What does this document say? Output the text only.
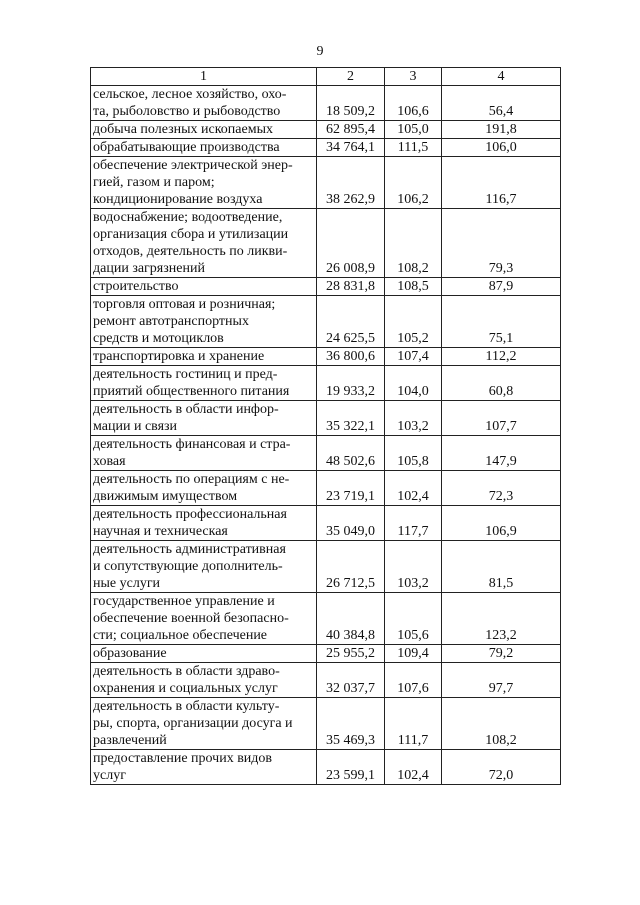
9
1	2	3	4
сельское, лесное хозяйство, охо-
та, рыболовство и рыбоводство	18 509,2	106,6	56,4
добыча полезных ископаемых	62 895,4	105,0	191,8
обрабатывающие производства	34 764,1	111,5	106,0
обеспечение электрической энер-
гией, газом и паром;
кондиционирование воздуха	38 262,9	106,2	116,7
водоснабжение; водоотведение,
организация сбора и утилизации
отходов, деятельность по ликви-
дации загрязнений	26 008,9	108,2	79,3
строительство	28 831,8	108,5	87,9
торговля оптовая и розничная;
ремонт автотранспортных
средств и мотоциклов	24 625,5	105,2	75,1
транспортировка и хранение	36 800,6	107,4	112,2
деятельность гостиниц и пред-
приятий общественного питания	19 933,2	104,0	60,8
деятельность в области инфор-
мации и связи	35 322,1	103,2	107,7
деятельность финансовая и стра-
ховая	48 502,6	105,8	147,9
деятельность по операциям с не-
движимым имуществом	23 719,1	102,4	72,3
деятельность профессиональная
научная и техническая	35 049,0	117,7	106,9
деятельность административная
и сопутствующие дополнитель-
ные услуги	26 712,5	103,2	81,5
государственное управление и
обеспечение военной безопасно-
сти; социальное обеспечение	40 384,8	105,6	123,2
образование	25 955,2	109,4	79,2
деятельность в области здраво-
охранения и социальных услуг	32 037,7	107,6	97,7
деятельность в области культу-
ры, спорта, организации досуга и
развлечений	35 469,3	111,7	108,2
предоставление прочих видов
услуг	23 599,1	102,4	72,0
